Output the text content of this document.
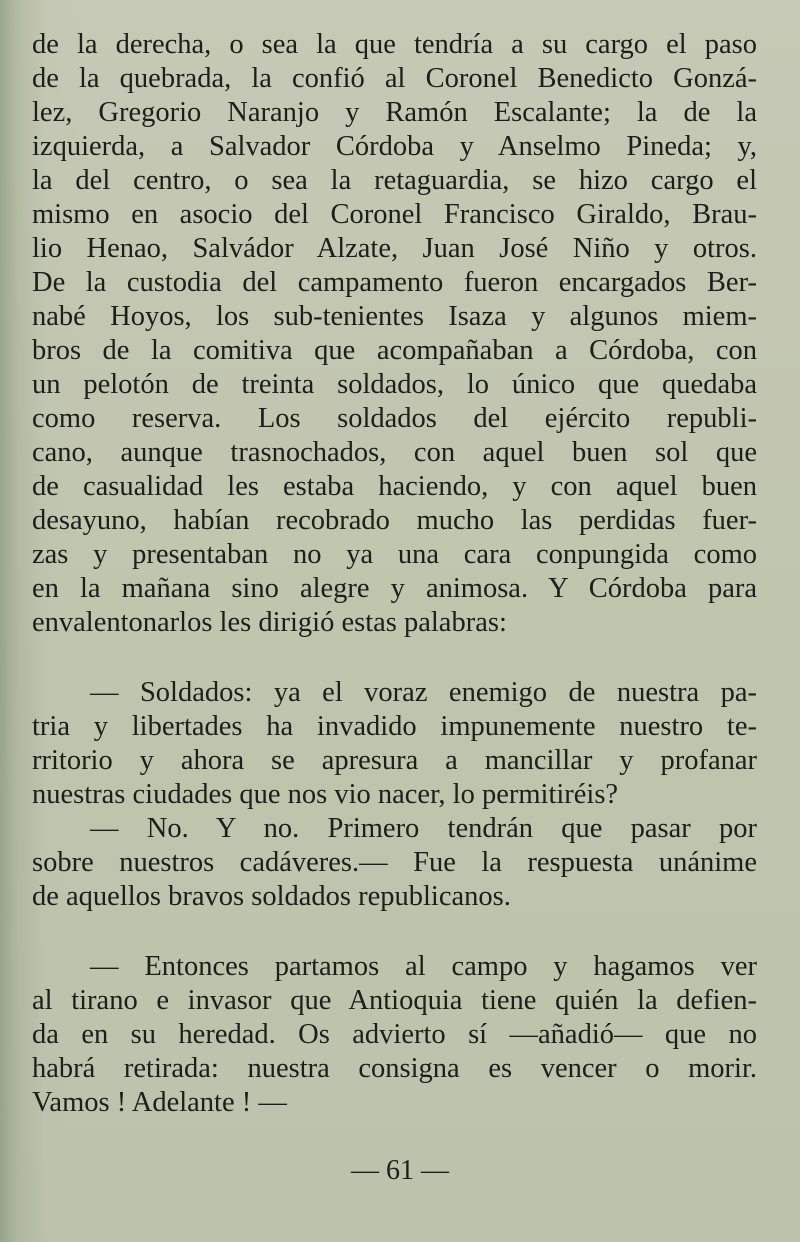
de la derecha, o sea la que tendría a su cargo el paso
de la quebrada, la confió al Coronel Benedicto Gonzá-
lez, Gregorio Naranjo y Ramón Escalante; la de la
izquierda, a Salvador Córdoba y Anselmo Pineda; y,
la del centro, o sea la retaguardia, se hizo cargo el
mismo en asocio del Coronel Francisco Giraldo, Brau-
lio Henao, Salvádor Alzate, Juan José Niño y otros.
De la custodia del campamento fueron encargados Ber-
nabé Hoyos, los sub-tenientes Isaza y algunos miem-
bros de la comitiva que acompañaban a Córdoba, con
un pelotón de treinta soldados, lo único que quedaba
como reserva. Los soldados del ejército republi-
cano, aunque trasnochados, con aquel buen sol que
de casualidad les estaba haciendo, y con aquel buen
desayuno, habían recobrado mucho las perdidas fuer-
zas y presentaban no ya una cara conpungida como
en la mañana sino alegre y animosa. Y Córdoba para
envalentonarlos les dirigió estas palabras:
— Soldados: ya el voraz enemigo de nuestra pa-
tria y libertades ha invadido impunemente nuestro te-
rritorio y ahora se apresura a mancillar y profanar
nuestras ciudades que nos vio nacer, lo permitiréis?
— No. Y no. Primero tendrán que pasar por
sobre nuestros cadáveres.— Fue la respuesta unánime
de aquellos bravos soldados republicanos.
— Entonces partamos al campo y hagamos ver
al tirano e invasor que Antioquia tiene quién la defien-
da en su heredad. Os advierto sí —añadió— que no
habrá retirada: nuestra consigna es vencer o morir.
Vamos ! Adelante ! —
— 61 —
